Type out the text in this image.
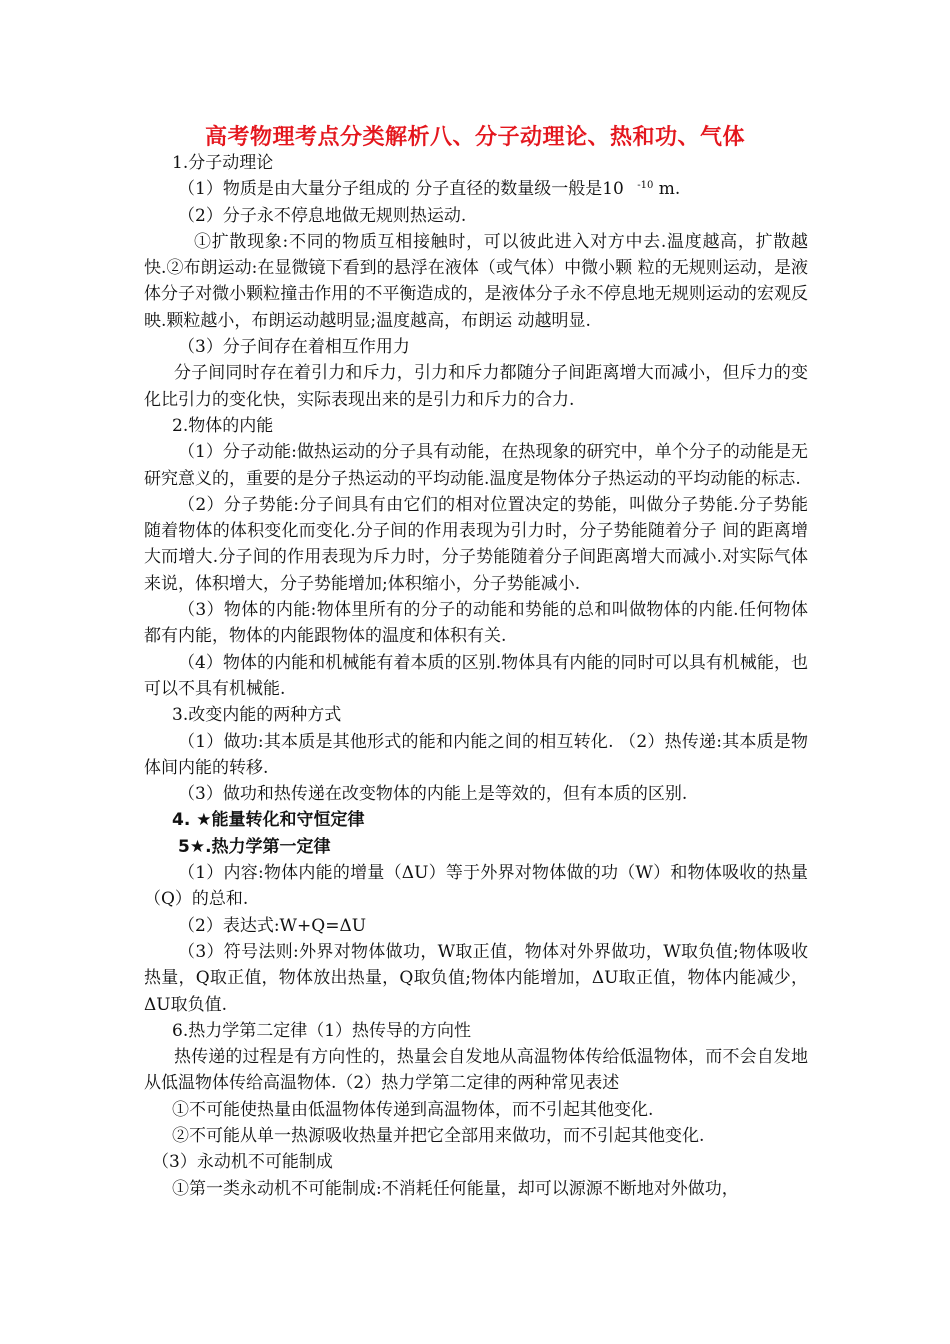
高考物理考点分类解析八、分子动理论、热和功、气体

1.分子动理论

（1）物质是由大量分子组成的 分子直径的数量级一般是10 $^{-10}$ m.

（2）分子永不停息地做无规则热运动.

①扩散现象:不同的物质互相接触时，可以彼此进入对方中去.温度越高，扩散越快.②布朗运动:在显微镜下看到的悬浮在液体（或气体）中微小颗 粒的无规则运动，是液体分子对微小颗粒撞击作用的不平衡造成的，是液体分子永不停息地无规则运动的宏观反映.颗粒越小，布朗运动越明显;温度越高，布朗运 动越明显.

（3）分子间存在着相互作用力

分子间同时存在着引力和斥力，引力和斥力都随分子间距离增大而减小，但斥力的变化比引力的变化快，实际表现出来的是引力和斥力的合力.

2.物体的内能

（1）分子动能:做热运动的分子具有动能，在热现象的研究中，单个分子的动能是无研究意义的，重要的是分子热运动的平均动能.温度是物体分子热运动的平均动能的标志.

（2）分子势能:分子间具有由它们的相对位置决定的势能，叫做分子势能.分子势能随着物体的体积变化而变化.分子间的作用表现为引力时，分子势能随着分子 间的距离增大而增大.分子间的作用表现为斥力时，分子势能随着分子间距离增大而减小.对实际气体来说，体积增大，分子势能增加;体积缩小，分子势能减小.

（3）物体的内能:物体里所有的分子的动能和势能的总和叫做物体的内能.任何物体都有内能，物体的内能跟物体的温度和体积有关.

（4）物体的内能和机械能有着本质的区别.物体具有内能的同时可以具有机械能，也可以不具有机械能.

3.改变内能的两种方式

（1）做功:其本质是其他形式的能和内能之间的相互转化. （2）热传递:其本质是物体间内能的转移.

（3）做功和热传递在改变物体的内能上是等效的，但有本质的区别.

4. ★能量转化和守恒定律

5★.热力学第一定律

（1）内容:物体内能的增量（ΔU）等于外界对物体做的功（W）和物体吸收的热量（Q）的总和.

（2）表达式:W+Q=ΔU

（3）符号法则:外界对物体做功，W取正值，物体对外界做功，W取负值;物体吸收热量，Q取正值，物体放出热量，Q取负值;物体内能增加，ΔU取正值，物体内能减少，ΔU取负值.

6.热力学第二定律（1）热传导的方向性

热传递的过程是有方向性的，热量会自发地从高温物体传给低温物体，而不会自发地从低温物体传给高温物体.（2）热力学第二定律的两种常见表述

①不可能使热量由低温物体传递到高温物体，而不引起其他变化.

②不可能从单一热源吸收热量并把它全部用来做功，而不引起其他变化.

（3）永动机不可能制成

①第一类永动机不可能制成:不消耗任何能量，却可以源源不断地对外做功，
